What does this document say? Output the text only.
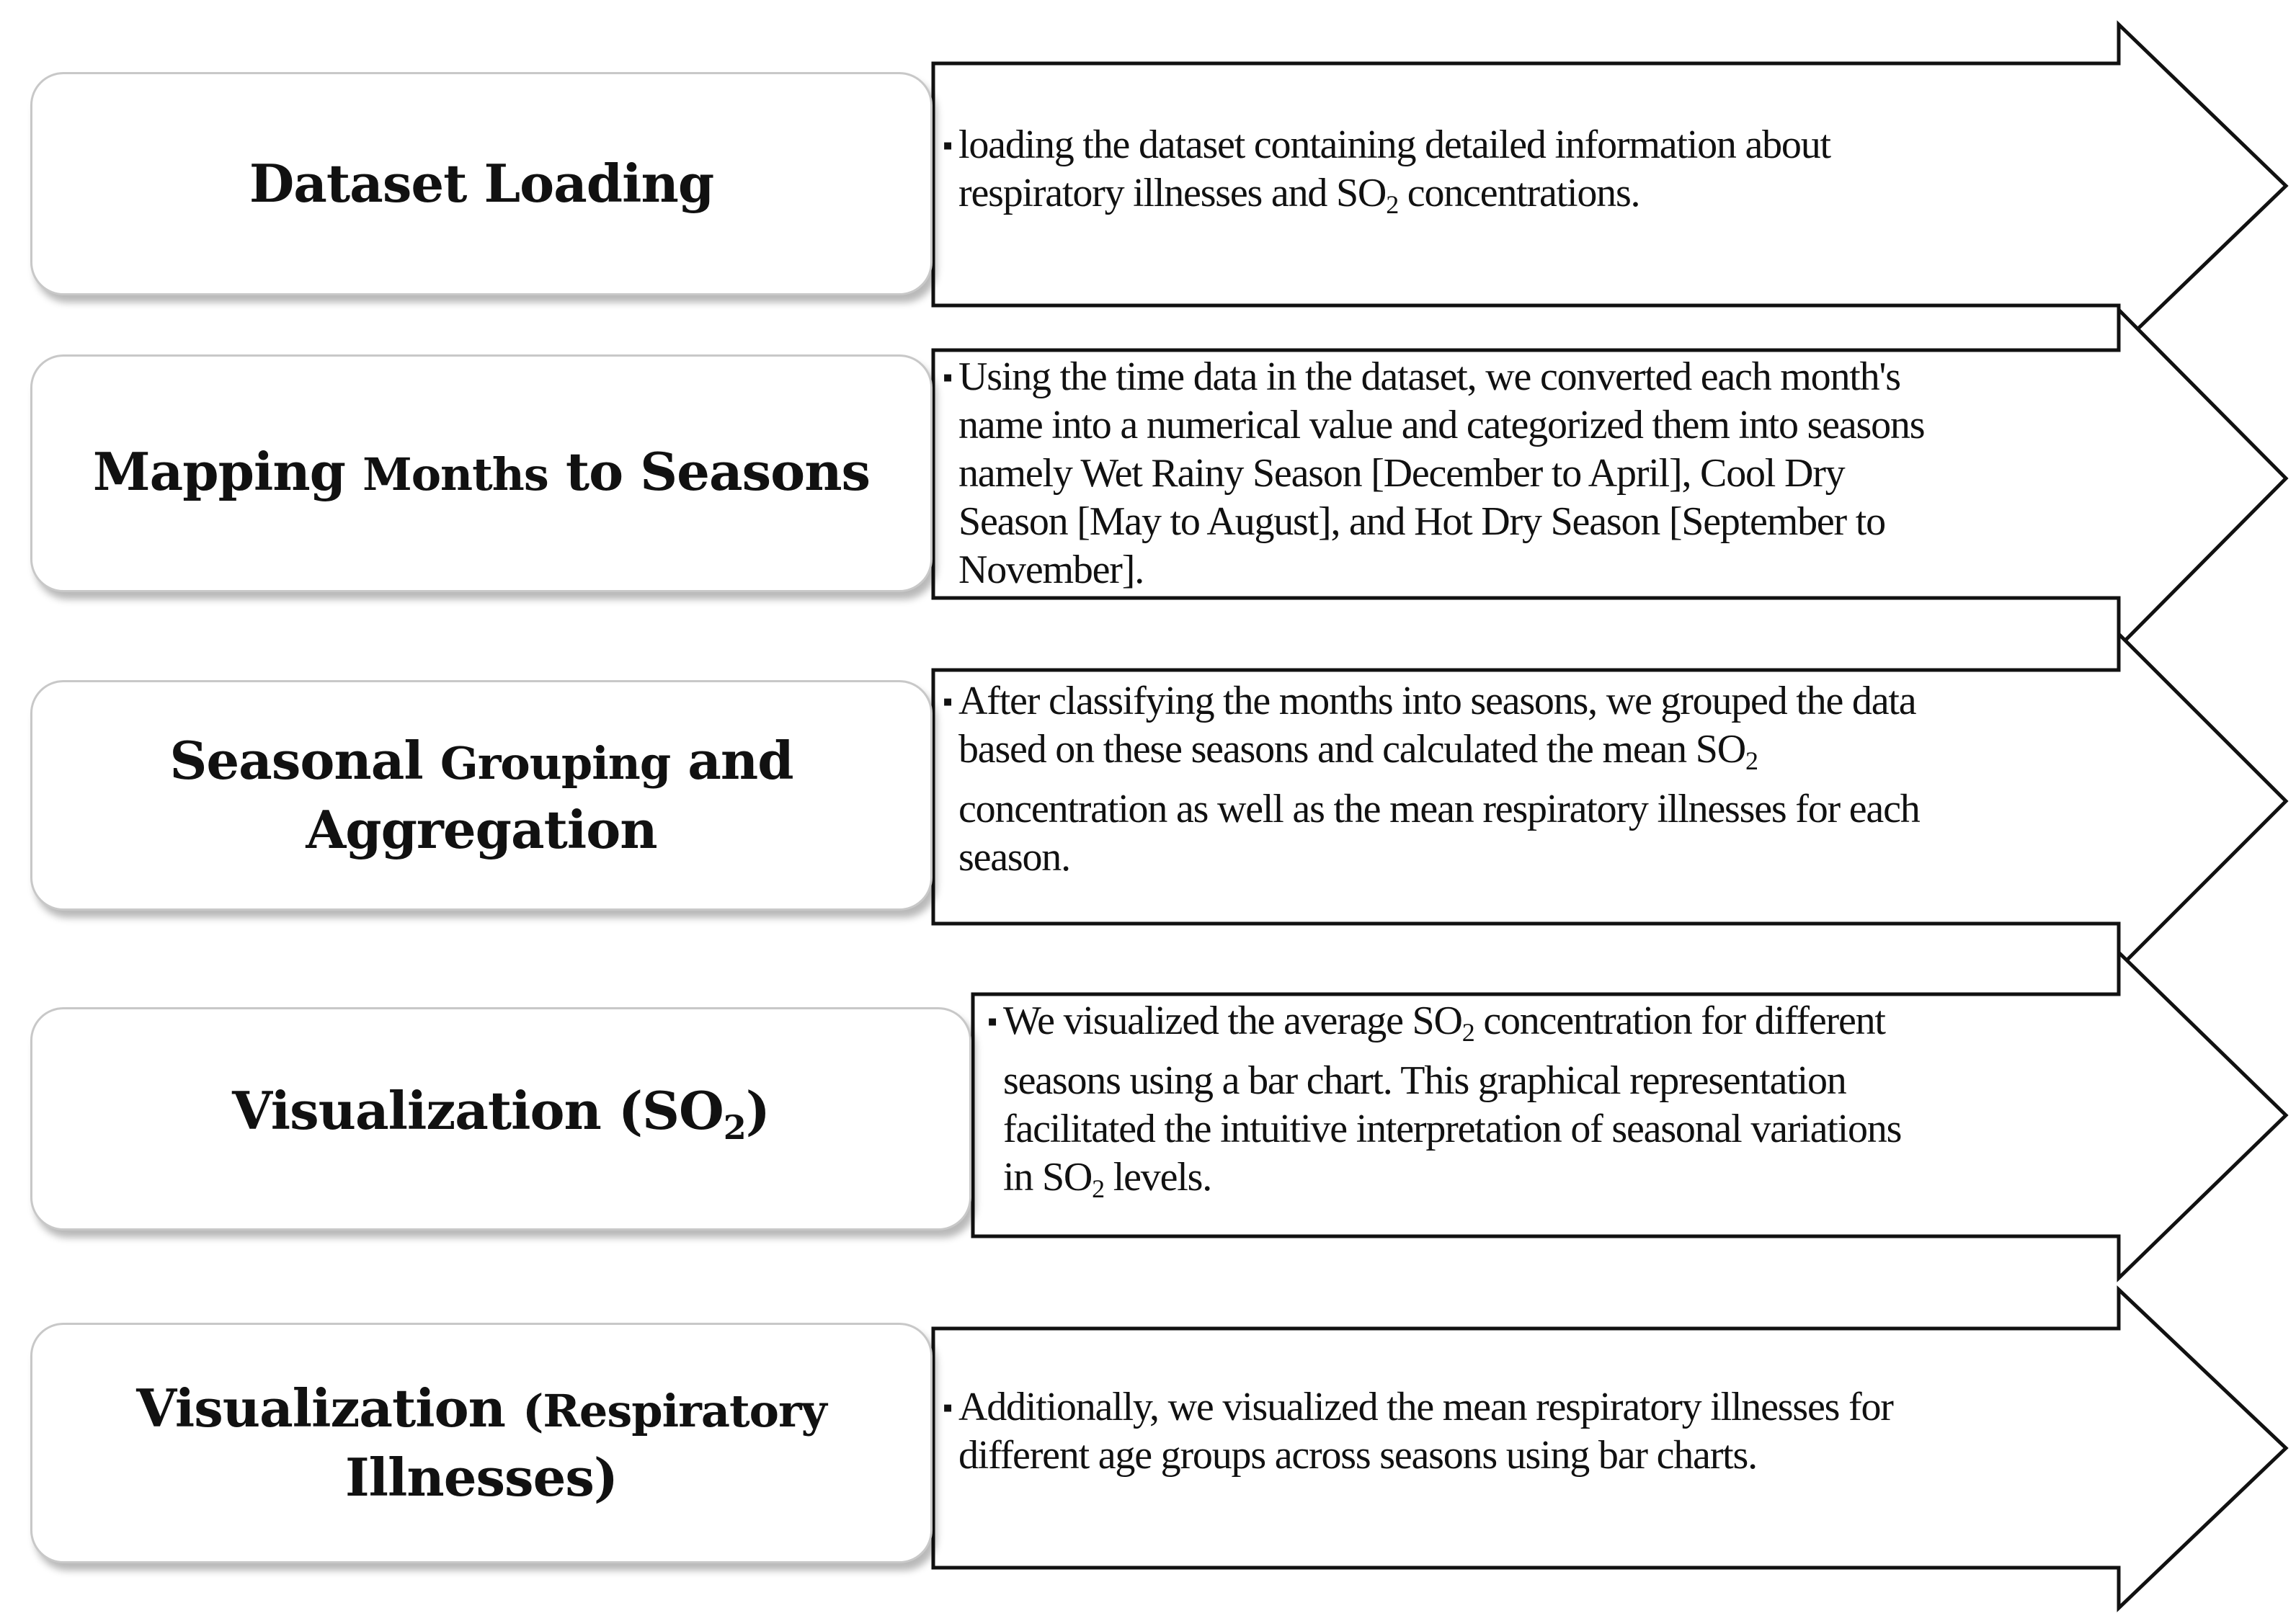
Dataset Loading
▪ loading the dataset containing detailed information about
respiratory illnesses and $SO_2$ concentrations.
Mapping Months to Seasons
▪ Using the time data in the dataset, we converted each month's
name into a numerical value and categorized them into seasons
namely Wet Rainy Season [December to April], Cool Dry
Season [May to August], and Hot Dry Season [September to
November].
Seasonal Grouping and
Aggregation
▪ After classifying the months into seasons, we grouped the data
based on these seasons and calculated the mean $SO_2$
concentration as well as the mean respiratory illnesses for each
season.
Visualization $(SO_2)$
▪ We visualized the average $SO_2$ concentration for different
seasons using a bar chart. This graphical representation
facilitated the intuitive interpretation of seasonal variations
in $SO_2$ levels.
Visualization (Respiratory
Illnesses)
▪ Additionally, we visualized the mean respiratory illnesses for
different age groups across seasons using bar charts.
